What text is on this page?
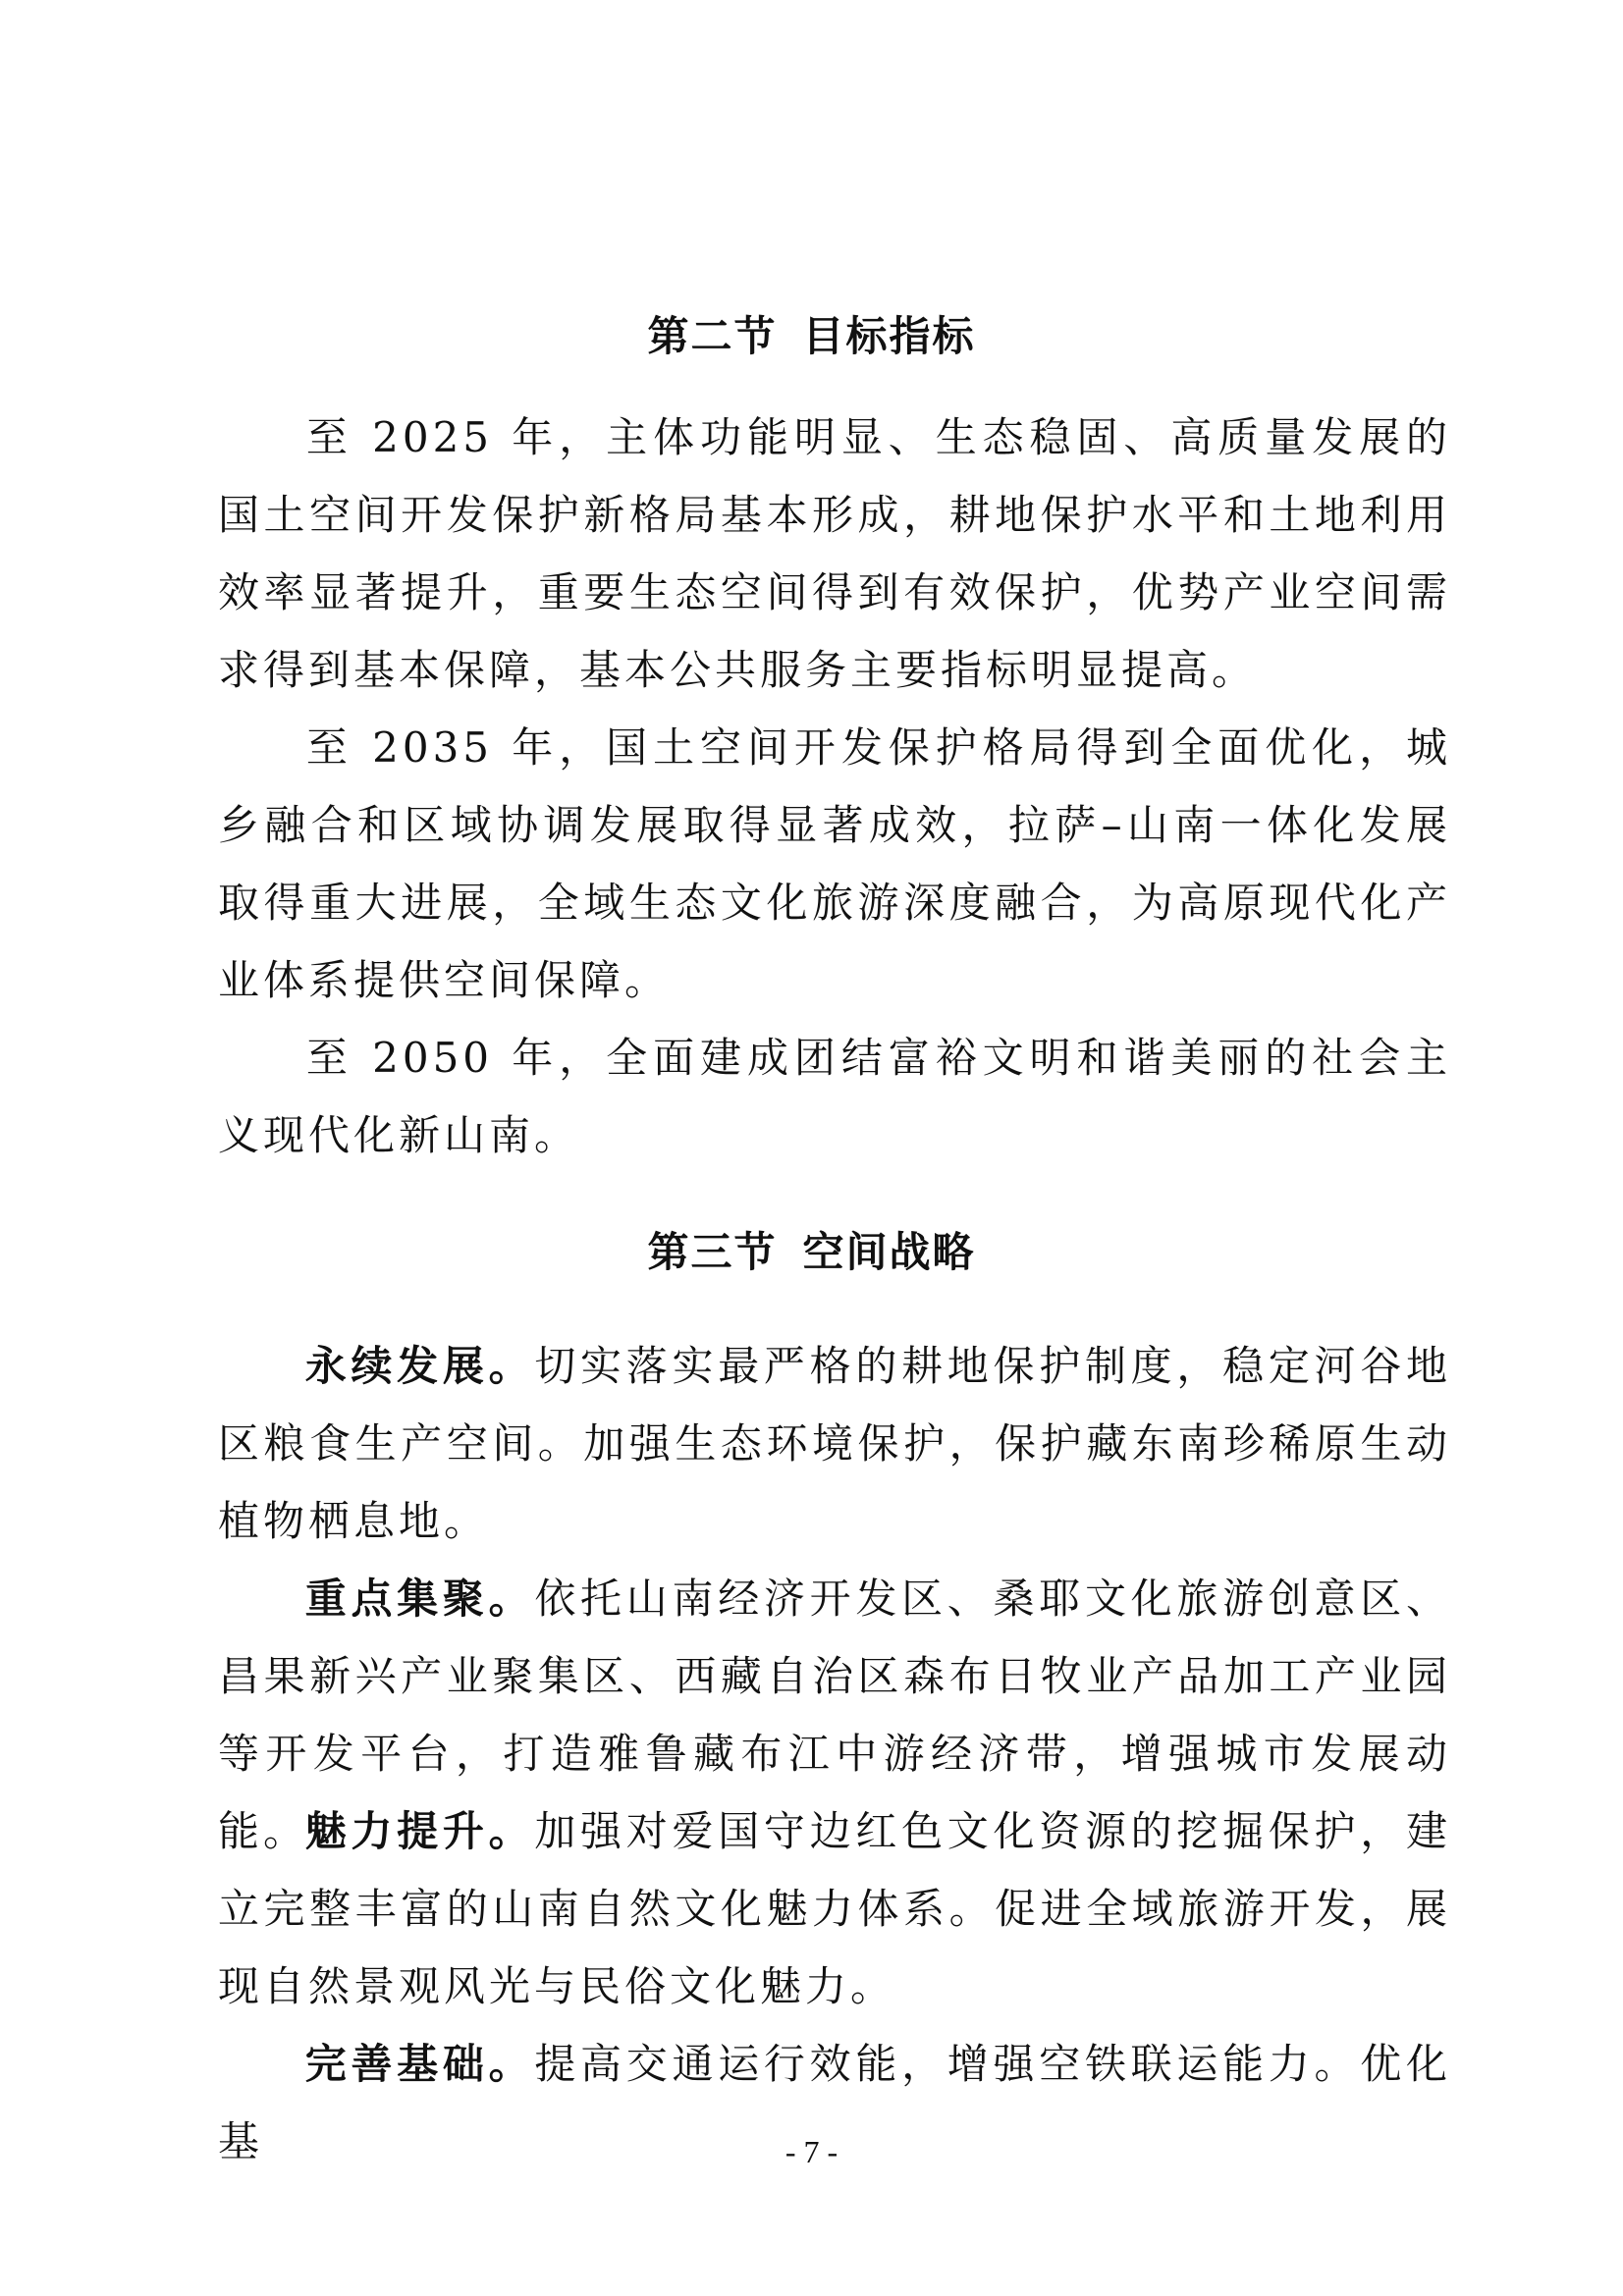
第二节 目标指标

至 2025 年，主体功能明显、生态稳固、高质量发展的国土空间开发保护新格局基本形成，耕地保护水平和土地利用效率显著提升，重要生态空间得到有效保护，优势产业空间需求得到基本保障，基本公共服务主要指标明显提高。

至 2035 年，国土空间开发保护格局得到全面优化，城乡融合和区域协调发展取得显著成效，拉萨–山南一体化发展取得重大进展，全域生态文化旅游深度融合，为高原现代化产业体系提供空间保障。

至 2050 年，全面建成团结富裕文明和谐美丽的社会主义现代化新山南。

第三节 空间战略

永续发展。切实落实最严格的耕地保护制度，稳定河谷地区粮食生产空间。加强生态环境保护，保护藏东南珍稀原生动植物栖息地。

重点集聚。依托山南经济开发区、桑耶文化旅游创意区、昌果新兴产业聚集区、西藏自治区森布日牧业产品加工产业园等开发平台，打造雅鲁藏布江中游经济带，增强城市发展动能。

魅力提升。加强对爱国守边红色文化资源的挖掘保护，建立完整丰富的山南自然文化魅力体系。促进全域旅游开发，展现自然景观风光与民俗文化魅力。

完善基础。提高交通运行效能，增强空铁联运能力。优化基	- 7 -
